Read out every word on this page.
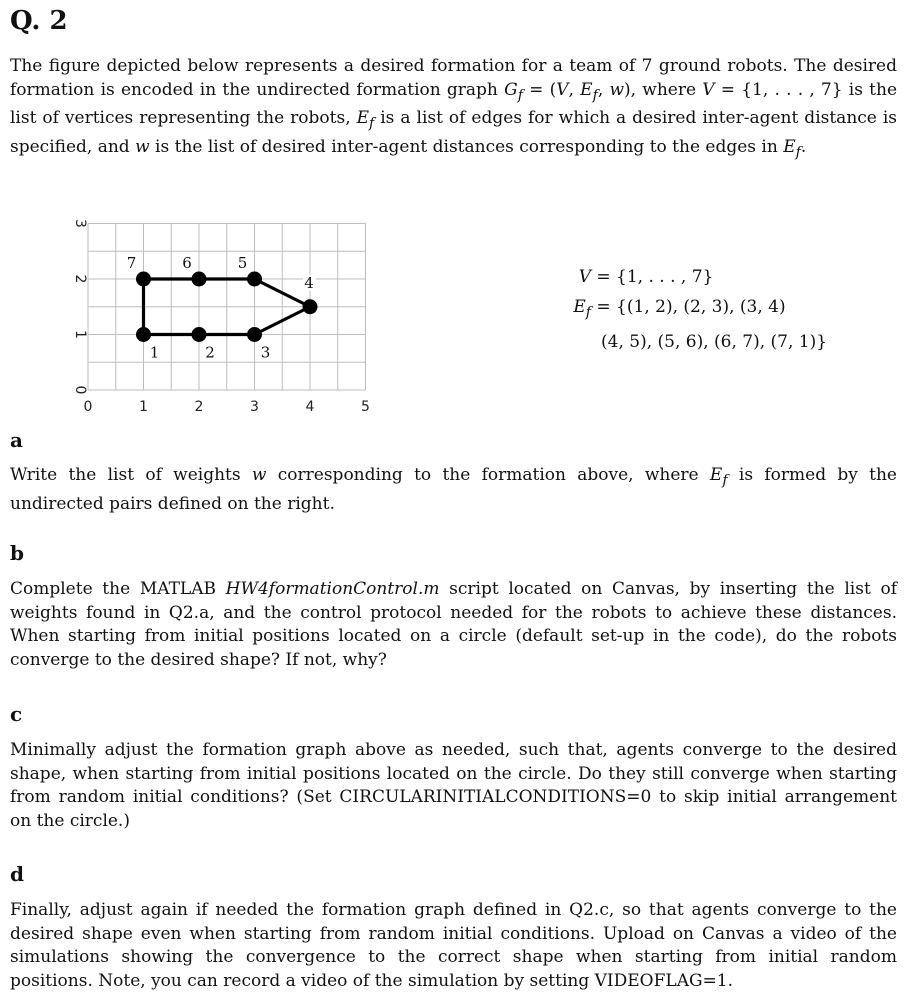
Q. 2

The figure depicted below represents a desired formation for a team of 7 ground robots. The desired formation is encoded in the undirected formation graph $G_f = (V$, $E_f$, w), where V = {1, . . . , 7} is the list of vertices representing the robots, $E_f$ is a list of edges for which a desired inter-agent distance is specified, and w is the list of desired inter-agent distances corresponding to the edges in $E_f$.

0	1	2	3	4	5
0
1
2
3
1	2	3
4
5
6
7
V = {1, . . . , 7}
$E_f = \{(1$, 2), (2, 3), (3, 4)
(4, 5), (5, 6), (6, 7), (7, 1)}
a

Write the list of weights w corresponding to the formation above, where $E_f$ is formed by the undirected pairs defined on the right.

b

Complete the MATLAB HW4formationControl.m script located on Canvas, by inserting the list of weights found in Q2.a, and the control protocol needed for the robots to achieve these distances. When starting from initial positions located on a circle (default set-up in the code), do the robots converge to the desired shape? If not, why?

c

Minimally adjust the formation graph above as needed, such that, agents converge to the desired shape, when starting from initial positions located on the circle. Do they still converge when starting from random initial conditions? (Set CIRCULARINITIALCONDITIONS=0 to skip initial arrangement on the circle.)

d

Finally, adjust again if needed the formation graph defined in Q2.c, so that agents converge to the desired shape even when starting from random initial conditions. Upload on Canvas a video of the simulations showing the convergence to the correct shape when starting from initial random positions. Note, you can record a video of the simulation by setting VIDEOFLAG=1.
